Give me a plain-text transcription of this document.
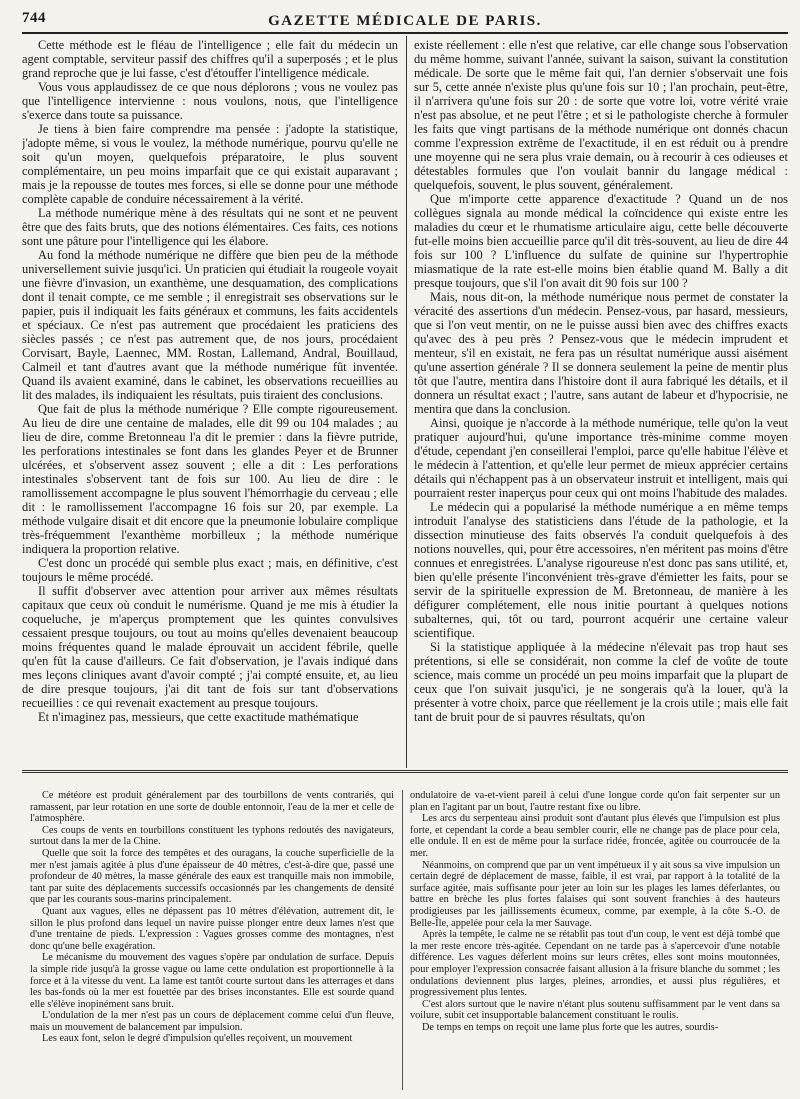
744	GAZETTE MÉDICALE DE PARIS.

Cette méthode est le fléau de l'intelligence ; elle fait du médecin un agent comptable, serviteur passif des chiffres qu'il a superposés ; et le plus grand reproche que je lui fasse, c'est d'étouffer l'intelligence médicale.

Vous vous applaudissez de ce que nous déplorons ; vous ne voulez pas que l'intelligence intervienne : nous voulons, nous, que l'intelligence s'exerce dans toute sa puissance.

Je tiens à bien faire comprendre ma pensée : j'adopte la statistique, j'adopte même, si vous le voulez, la méthode numérique, pourvu qu'elle ne soit qu'un moyen, quelquefois préparatoire, le plus souvent complémentaire, un peu moins imparfait que ce qui existait auparavant ; mais je la repousse de toutes mes forces, si elle se donne pour une méthode complète capable de conduire nécessairement à la vérité.

La méthode numérique mène à des résultats qui ne sont et ne peuvent être que des faits bruts, que des notions élémentaires. Ces faits, ces notions sont une pâture pour l'intelligence qui les élabore.

Au fond la méthode numérique ne diffère que bien peu de la méthode universellement suivie jusqu'ici. Un praticien qui étudiait la rougeole voyait une fièvre d'invasion, un exanthème, une desquamation, des complications dont il tenait compte, ce me semble ; il enregistrait ses observations sur le papier, puis il indiquait les faits généraux et communs, les faits accidentels et spéciaux. Ce n'est pas autrement que procédaient les praticiens des siècles passés ; ce n'est pas autrement que, de nos jours, procédaient Corvisart, Bayle, Laennec, MM. Rostan, Lallemand, Andral, Bouillaud, Calmeil et tant d'autres avant que la méthode numérique fût inventée. Quand ils avaient examiné, dans le cabinet, les observations recueillies au lit des malades, ils indiquaient les résultats, puis tiraient des conclusions.

Que fait de plus la méthode numérique ? Elle compte rigoureusement. Au lieu de dire une centaine de malades, elle dit 99 ou 104 malades ; au lieu de dire, comme Bretonneau l'a dit le premier : dans la fièvre putride, les perforations intestinales se font dans les glandes Peyer et de Brunner ulcérées, et s'observent assez souvent ; elle a dit : Les perforations intestinales s'observent tant de fois sur 100. Au lieu de dire : le ramollissement accompagne le plus souvent l'hémorrhagie du cerveau ; elle dit : le ramollissement l'accompagne 16 fois sur 20, par exemple. La méthode vulgaire disait et dit encore que la pneumonie lobulaire complique très-fréquemment l'exanthème morbilleux ; la méthode numérique indiquera la proportion relative.

C'est donc un procédé qui semble plus exact ; mais, en définitive, c'est toujours le même procédé.

Il suffit d'observer avec attention pour arriver aux mêmes résultats capitaux que ceux où conduit le numérisme. Quand je me mis à étudier la coqueluche, je m'aperçus promptement que les quintes convulsives cessaient presque toujours, ou tout au moins qu'elles devenaient beaucoup moins fréquentes quand le malade éprouvait un accident fébrile, quelle qu'en fût la cause d'ailleurs. Ce fait d'observation, je l'avais indiqué dans mes leçons cliniques avant d'avoir compté ; j'ai compté ensuite, et, au lieu de dire presque toujours, j'ai dit tant de fois sur tant d'observations recueillies : ce qui revenait exactement au presque toujours.

Et n'imaginez pas, messieurs, que cette exactitude mathématique

existe réellement : elle n'est que relative, car elle change sous l'observation du même homme, suivant l'année, suivant la saison, suivant la constitution médicale. De sorte que le même fait qui, l'an dernier s'observait une fois sur 5, cette année n'existe plus qu'une fois sur 10 ; l'an prochain, peut-être, il n'arrivera qu'une fois sur 20 : de sorte que votre loi, votre vérité vraie n'est pas absolue, et ne peut l'être ; et si le pathologiste cherche à formuler les faits que vingt partisans de la méthode numérique ont donnés chacun comme l'expression extrême de l'exactitude, il en est réduit ou à prendre une moyenne qui ne sera plus vraie demain, ou à recourir à ces odieuses et détestables formules que l'on voulait bannir du langage médical : quelquefois, souvent, le plus souvent, généralement.

Que m'importe cette apparence d'exactitude ? Quand un de nos collègues signala au monde médical la coïncidence qui existe entre les maladies du cœur et le rhumatisme articulaire aigu, cette belle découverte fut-elle moins bien accueillie parce qu'il dit très-souvent, au lieu de dire 44 fois sur 100 ? L'influence du sulfate de quinine sur l'hypertrophie miasmatique de la rate est-elle moins bien établie quand M. Bally a dit presque toujours, que s'il l'on avait dit 90 fois sur 100 ?

Mais, nous dit-on, la méthode numérique nous permet de constater la véracité des assertions d'un médecin. Pensez-vous, par hasard, messieurs, que si l'on veut mentir, on ne le puisse aussi bien avec des chiffres exacts qu'avec des à peu près ? Pensez-vous que le médecin imprudent et menteur, s'il en existait, ne fera pas un résultat numérique aussi aisément qu'une assertion générale ? Il se donnera seulement la peine de mentir plus tôt que l'autre, mentira dans l'histoire dont il aura fabriqué les détails, et il donnera un résultat exact ; l'autre, sans autant de labeur et d'hypocrisie, ne mentira que dans la conclusion.

Ainsi, quoique je n'accorde à la méthode numérique, telle qu'on la veut pratiquer aujourd'hui, qu'une importance très-minime comme moyen d'étude, cependant j'en conseillerai l'emploi, parce qu'elle habitue l'élève et le médecin à l'attention, et qu'elle leur permet de mieux apprécier certains détails qui n'échappent pas à un observateur instruit et intelligent, mais qui pourraient rester inaperçus pour ceux qui ont moins l'habitude des malades.

Le médecin qui a popularisé la méthode numérique a en même temps introduit l'analyse des statisticiens dans l'étude de la pathologie, et la dissection minutieuse des faits observés l'a conduit quelquefois à des notions nouvelles, qui, pour être accessoires, n'en méritent pas moins d'être connues et enregistrées. L'analyse rigoureuse n'est donc pas sans utilité, et, bien qu'elle présente l'inconvénient très-grave d'émietter les faits, pour se servir de la spirituelle expression de M. Bretonneau, de manière à les défigurer complétement, elle nous initie pourtant à quelques notions subalternes, qui, tôt ou tard, pourront acquérir une certaine valeur scientifique.

Si la statistique appliquée à la médecine n'élevait pas trop haut ses prétentions, si elle se considérait, non comme la clef de voûte de toute science, mais comme un procédé un peu moins imparfait que la plupart de ceux que l'on suivait jusqu'ici, je ne songerais qu'à la louer, qu'à la présenter à votre choix, parce que réellement je la crois utile ; mais elle fait tant de bruit pour de si pauvres résultats, qu'on

Ce météore est produit généralement par des tourbillons de vents contrariés, qui ramassent, par leur rotation en une sorte de double entonnoir, l'eau de la mer et celle de l'atmosphère.

Ces coups de vents en tourbillons constituent les typhons redoutés des navigateurs, surtout dans la mer de la Chine.

Quelle que soit la force des tempêtes et des ouragans, la couche superficielle de la mer n'est jamais agitée à plus d'une épaisseur de 40 mètres, c'est-à-dire que, passé une profondeur de 40 mètres, la masse générale des eaux est tranquille mais non immobile, tant par suite des déplacements successifs occasionnés par les changements de densité que par les courants sous-marins principalement.

Quant aux vagues, elles ne dépassent pas 10 mètres d'élévation, autrement dit, le sillon le plus profond dans lequel un navire puisse plonger entre deux lames n'est que d'une trentaine de pieds. L'expression : Vagues grosses comme des montagnes, n'est donc qu'une belle exagération.

Le mécanisme du mouvement des vagues s'opère par ondulation de surface. Depuis la simple ride jusqu'à la grosse vague ou lame cette ondulation est proportionnelle à la force et à la vitesse du vent. La lame est tantôt courte surtout dans les atterrages et dans les bas-fonds où la mer est fouettée par des brises inconstantes. Elle est sourde quand elle s'élève inopinément sans bruit.

L'ondulation de la mer n'est pas un cours de déplacement comme celui d'un fleuve, mais un mouvement de balancement par impulsion.

Les eaux font, selon le degré d'impulsion qu'elles reçoivent, un mouvement

ondulatoire de va-et-vient pareil à celui d'une longue corde qu'on fait serpenter sur un plan en l'agitant par un bout, l'autre restant fixe ou libre.

Les arcs du serpenteau ainsi produit sont d'autant plus élevés que l'impulsion est plus forte, et cependant la corde a beau sembler courir, elle ne change pas de place pour cela, elle ondule. Il en est de même pour la surface ridée, froncée, agitée ou courroucée de la mer.

Néanmoins, on comprend que par un vent impétueux il y ait sous sa vive impulsion un certain degré de déplacement de masse, faible, il est vrai, par rapport à la totalité de la surface agitée, mais suffisante pour jeter au loin sur les plages les lames déferlantes, ou battre en brèche les plus fortes falaises qui sont souvent franchies à des hauteurs prodigieuses par les jaillissements écumeux, comme, par exemple, à la côte S.-O. de Belle-Île, appelée pour cela la mer Sauvage.

Après la tempête, le calme ne se rétablit pas tout d'un coup, le vent est déjà tombé que la mer reste encore très-agitée. Cependant on ne tarde pas à s'apercevoir d'une notable différence. Les vagues déferlent moins sur leurs crêtes, elles sont moins moutonnées, pour employer l'expression consacrée faisant allusion à la frisure blanche du sommet ; les ondulations deviennent plus larges, pleines, arrondies, et aussi plus régulières, et progressivement plus lentes.

C'est alors surtout que le navire n'étant plus soutenu suffisamment par le vent dans sa voilure, subit cet insupportable balancement constituant le roulis.

De temps en temps on reçoit une lame plus forte que les autres, sourdis-
